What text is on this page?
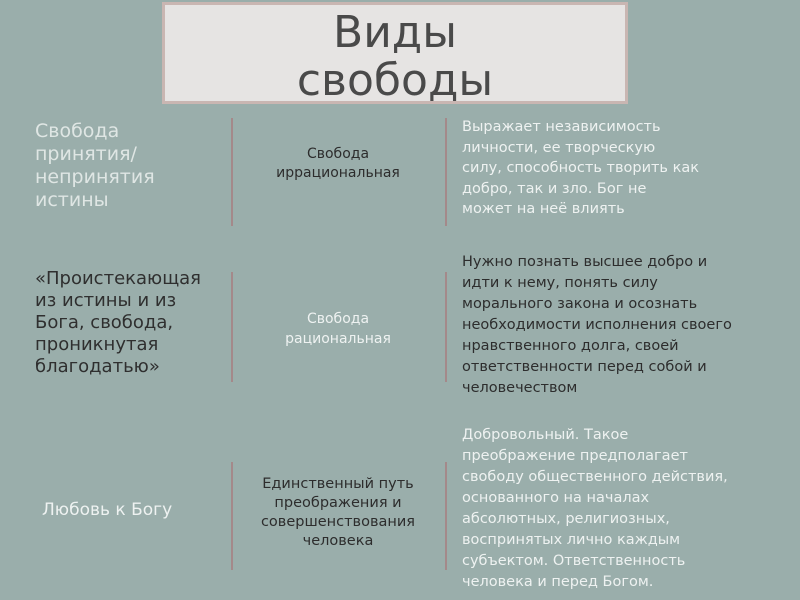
Виды
свободы
Свобода
принятия/
непринятия
истины
Свобода
иррациональная
Выражает независимость
личности, ее творческую
силу, способность творить как
добро, так и зло. Бог не
может на неё влиять
«Проистекающая
из истины и из
Бога, свобода,
проникнутая
благодатью»
Свобода
рациональная
Нужно познать высшее добро и
идти к нему, понять силу
морального закона и осознать
необходимости исполнения своего
нравственного долга, своей
ответственности перед собой и
человечеством
Любовь к Богу
Единственный путь
преображения и
совершенствования
человека
Добровольный. Такое
преображение предполагает
свободу общественного действия,
основанного на началах
абсолютных, религиозных,
воспринятых лично каждым
субъектом. Ответственность
человека и перед Богом.
